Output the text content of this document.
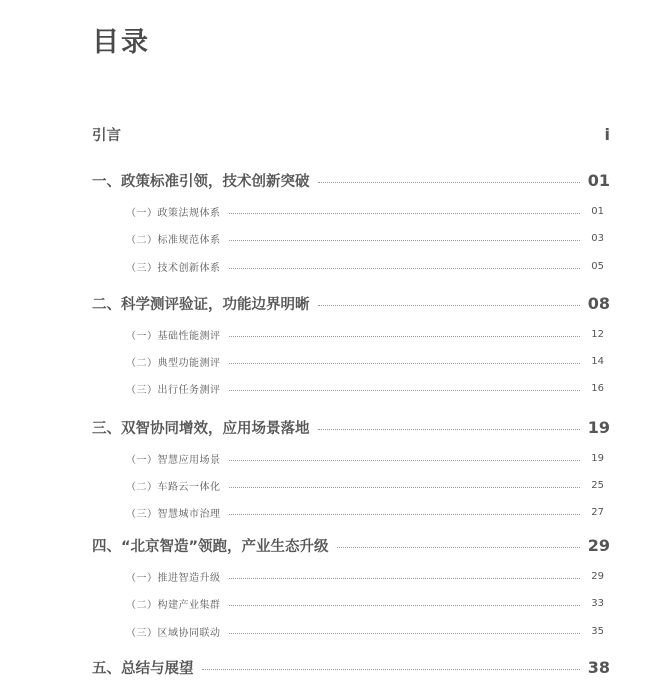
目录
引言	i
一、政策标准引领，技术创新突破	01
（一）政策法规体系	01
（二）标准规范体系	03
（三）技术创新体系	05
二、科学测评验证，功能边界明晰	08
（一）基础性能测评	12
（二）典型功能测评	14
（三）出行任务测评	16
三、双智协同增效，应用场景落地	19
（一）智慧应用场景	19
（二）车路云一体化	25
（三）智慧城市治理	27
四、“北京智造”领跑，产业生态升级	29
（一）推进智造升级	29
（二）构建产业集群	33
（三）区域协同联动	35
五、总结与展望	38
